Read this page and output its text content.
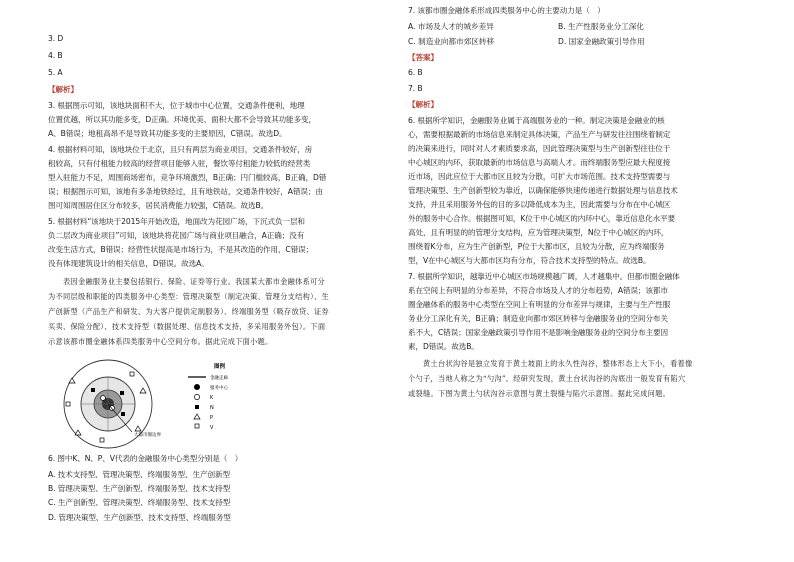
3. D
4. B
5. A
【解析】
3. 根据图示可知，该地块面积不大，位于城市中心位置，交通条件便利，地理
位置优越，所以其功能多变，D正确。环境优美、面积大都不会导致其功能多变，
A、B错误；地租高昂不是导致其功能多变的主要原因，C错误。故选D。
4. 根据材料可知，该地块位于北京，且只有两层为商业项目，交通条件较好，房
租较高，只有付租能力较高的经营项目能够入驻，餐饮等付租能力较低的经营类
型入驻能力不足，周围商场密布，竞争环境激烈，B正确；円门槛较高，B正确，D错
误；根据图示可知，该地有多条地铁经过，且有地铁站，交通条件较好，A错误；由
图可知周围居住区分布较多，居民消费能力较强，C错误。故选B。
5. 根据材料“该地块于2015年开始改造，地面改为花园广场，下沉式负一层和
负二层改为商业项目”可知，该地块将花园广场与商业项目融合，A正确；没有
改变生活方式，B错误；经营性状提高是市场行为，不是其改造的作用，C错误；
没有体现建筑设计的相关信息，D错误。故选A。
　　表因金融服务业主要包括银行、保险、证券等行业。我国某大都市金融体系可分
为不同层级和职能的四类服务中心类型：管理决策型（制定决策、管理分支结构）、生
产创新型（产品生产和研发、为大客户提供定制服务）、终端服务型（吸存放贷、证券
买卖、保险分配）、技术支持型（数据处理、信息技术支持，多采用服务外包）。下面
示意该都市圈金融体系四类服务中心空间分布。据此完成下面小题。
6. 图中K、N、P、V代表的金融服务中心类型分别是（　）
A. 技术支持型、管理决策型、终端服务型、生产创新型
B. 管理决策型、生产创新型、终端服务型、技术支持型
C. 生产创新型、管理决策型、终端服务型、技术支持型
D. 管理决策型、生产创新型、技术支持型、终端服务型
大都市圈边界
图例
金融走廊
服务中心
K
N
P
V
7. 该都市圈金融体系形成四类服务中心的主要动力是（　）
A. 市场及人才的城乡差异	B. 生产性服务业分工深化
C. 制造业向都市郊区转移	D. 国家金融政策引导作用
【答案】
6. B
7. B
【解析】
6. 根据所学知识，金融服务业属于高端服务业的一种。制定决策是金融业的核
心，需要根据最新的市场信息来制定具体决策，产品生产与研发往往围绕着制定
的决策来进行，同时对人才素质要求高，因此管理决策型与生产创新型往往位于
中心城区的内环，获取最新的市场信息与高端人才。而终端服务型应最大程度接
近市场，因此应位于大都市区且较为分散，可扩大市场范围。技术支持型需要与
管理决策型、生产创新型较为靠近，以确保能够快速传递进行数据处理与信息技术
支持，并且采用服务外包的目的多以降低成本为主，因此需要与分布在中心城区
外的服务中心合作。根据图可知，K位于中心城区的内环中心，靠近信息化水平要
高处，且有明显的的管理分支结构，应为管理决策型，N位于中心城区的内环，
围绕着K分布，应为生产创新型，P位于大都市区，且较为分散，应为终端服务
型，V在中心城区与大都市区均有分布，符合技术支持型的特点。故选B。
7. 根据所学知识，越靠近中心城区市场规模越广阔，人才越集中。但都市圈金融体
系在空间上有明显的分布差异，不符合市场及人才的分布趋势，A错误；该都市
圈金融体系的服务中心类型在空间上有明显的分布差异与规律，主要与生产性服
务业分工深化有关，B正确；制造业向都市郊区转移与金融服务业的空间分布关
系不大，C错误；国家金融政策引导作用不是影响金融服务业的空间分布主要因
素，D错误。故选B。
　　黄土台状沟谷是独立发育于黄土坡面上的永久性沟谷，整体形态上大下小，看着像
个勺子，当地人称之为“勺沟”。经研究发现，黄土台状沟谷的沟底出一般发育有陷穴
或裂缝。下图为黄土勺状沟谷示意图与黄土裂缝与陷穴示意图。据此完成问题。
